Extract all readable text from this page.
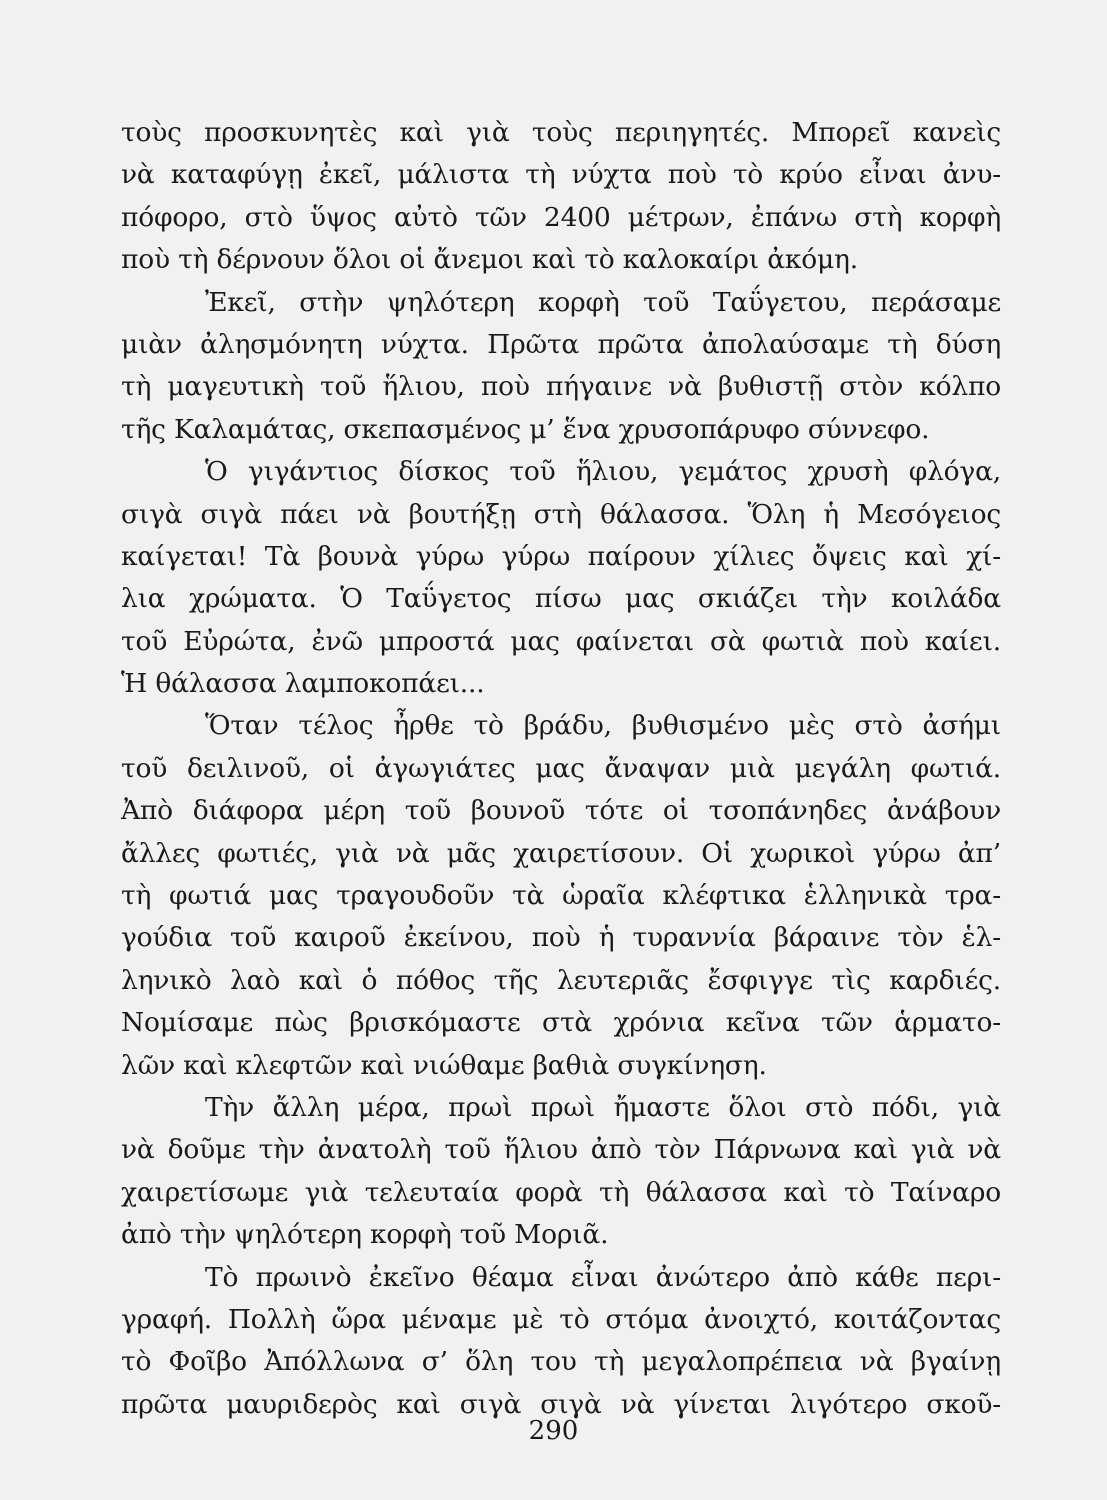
τοὺς προσκυνητὲς καὶ γιὰ τοὺς περιηγητές. Μπορεῖ κανεὶς
νὰ καταφύγῃ ἐκεῖ, μάλιστα τὴ νύχτα ποὺ τὸ κρύο εἶναι ἀνυ-
πόφορο, στὸ ὕψος αὐτὸ τῶν 2400 μέτρων, ἐπάνω στὴ κορφὴ
ποὺ τὴ δέρνουν ὅλοι οἱ ἄνεμοι καὶ τὸ καλοκαίρι ἀκόμη.
Ἐκεῖ, στὴν ψηλότερη κορφὴ τοῦ Ταΰγετου, περάσαμε
μιὰν ἀλησμόνητη νύχτα. Πρῶτα πρῶτα ἀπολαύσαμε τὴ δύση
τὴ μαγευτικὴ τοῦ ἥλιου, ποὺ πήγαινε νὰ βυθιστῇ στὸν κόλπο
τῆς Καλαμάτας, σκεπασμένος μ’ ἕνα χρυσοπάρυφο σύννεφο.
Ὁ γιγάντιος δίσκος τοῦ ἥλιου, γεμάτος χρυσὴ φλόγα,
σιγὰ σιγὰ πάει νὰ βουτήξῃ στὴ θάλασσα. Ὅλη ἡ Μεσόγειος
καίγεται! Τὰ βουνὰ γύρω γύρω παίρουν χίλιες ὄψεις καὶ χί-
λια χρώματα. Ὁ Ταΰγετος πίσω μας σκιάζει τὴν κοιλάδα
τοῦ Εὐρώτα, ἐνῶ μπροστά μας φαίνεται σὰ φωτιὰ ποὺ καίει.
Ἡ θάλασσα λαμποκοπάει...
Ὅταν τέλος ἦρθε τὸ βράδυ, βυθισμένο μὲς στὸ ἀσήμι
τοῦ δειλινοῦ, οἱ ἀγωγιάτες μας ἄναψαν μιὰ μεγάλη φωτιά.
Ἀπὸ διάφορα μέρη τοῦ βουνοῦ τότε οἱ τσοπάνηδες ἀνάβουν
ἄλλες φωτιές, γιὰ νὰ μᾶς χαιρετίσουν. Οἱ χωρικοὶ γύρω ἀπ’
τὴ φωτιά μας τραγουδοῦν τὰ ὡραῖα κλέφτικα ἑλληνικὰ τρα-
γούδια τοῦ καιροῦ ἐκείνου, ποὺ ἡ τυραννία βάραινε τὸν ἑλ-
ληνικὸ λαὸ καὶ ὁ πόθος τῆς λευτεριᾶς ἔσφιγγε τὶς καρδιές.
Νομίσαμε πὼς βρισκόμαστε στὰ χρόνια κεῖνα τῶν ἁρματο-
λῶν καὶ κλεφτῶν καὶ νιώθαμε βαθιὰ συγκίνηση.
Τὴν ἄλλη μέρα, πρωὶ πρωὶ ἤμαστε ὅλοι στὸ πόδι, γιὰ
νὰ δοῦμε τὴν ἀνατολὴ τοῦ ἥλιου ἀπὸ τὸν Πάρνωνα καὶ γιὰ νὰ
χαιρετίσωμε γιὰ τελευταία φορὰ τὴ θάλασσα καὶ τὸ Ταίναρο
ἀπὸ τὴν ψηλότερη κορφὴ τοῦ Μοριᾶ.
Τὸ πρωινὸ ἐκεῖνο θέαμα εἶναι ἀνώτερο ἀπὸ κάθε περι-
γραφή. Πολλὴ ὥρα μέναμε μὲ τὸ στόμα ἀνοιχτό, κοιτάζοντας
τὸ Φοῖβο Ἀπόλλωνα σ’ ὅλη του τὴ μεγαλοπρέπεια νὰ βγαίνῃ
πρῶτα μαυριδερὸς καὶ σιγὰ σιγὰ νὰ γίνεται λιγότερο σκοῦ-
290
